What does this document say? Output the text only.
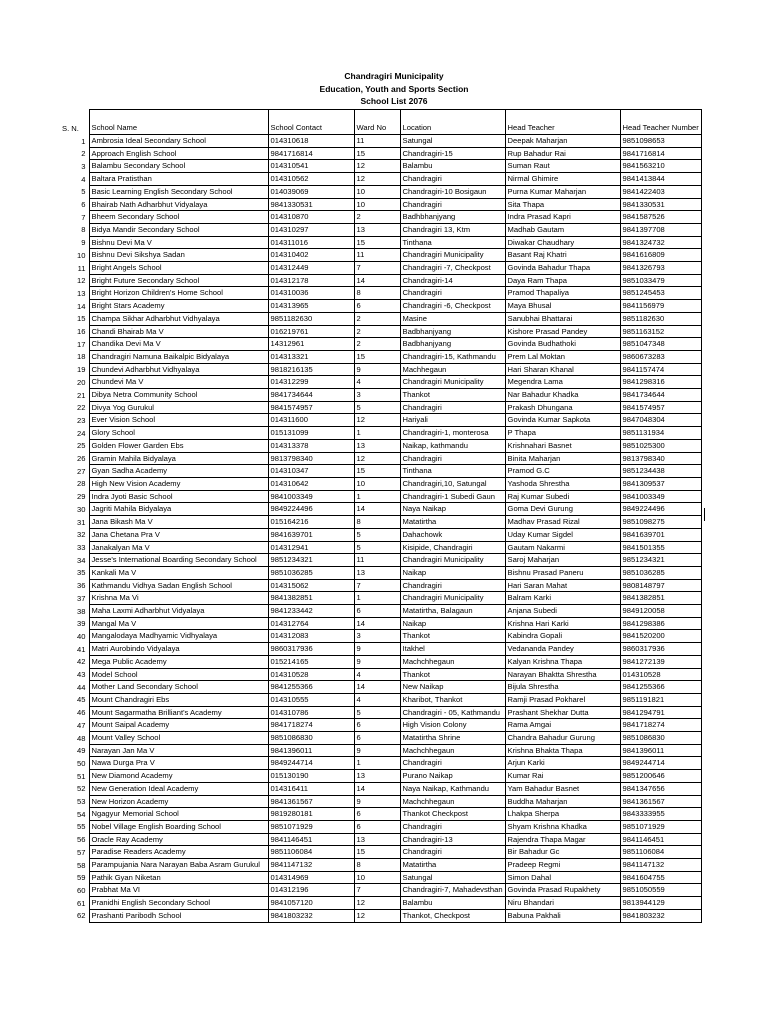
Chandragiri Municipality
Education, Youth and Sports Section
School List 2076
S. N.	School Name	School Contact	Ward No	Location	Head Teacher	Head Teacher Number
1	Ambrosia Ideal Secondary School	014310618	11	Satungal	Deepak Maharjan	9851098653
2	Approach English School	9841716814	15	Chandragiri-15	Rup Bahadur Rai	9841716814
3	Balambu Secondary School	014310541	12	Balambu	Suman Raut	9841563210
4	Baltara Pratisthan	014310562	12	Chandragiri	Nirmal Ghimire	9841413844
5	Basic Learning English Secondary School	014039069	10	Chandragiri-10 Bosigaun	Purna Kumar Maharjan	9841422403
6	Bhairab Nath Adharbhut Vidyalaya	9841330531	10	Chandragiri	Sita Thapa	9841330531
7	Bheem Secondary School	014310870	2	Badhbhanjyang	Indra Prasad Kapri	9841587526
8	Bidya Mandir Secondary School	014310297	13	Chandragiri 13, Ktm	Madhab Gautam	9841397708
9	Bishnu Devi Ma V	014311016	15	Tinthana	Diwakar Chaudhary	9841324732
10	Bishnu Devi Sikshya Sadan	014310402	11	Chandragiri Municipality	Basant Raj Khatri	9841616809
11	Bright Angels School	014312449	7	Chandragiri -7, Checkpost	Govinda Bahadur Thapa	9841326793
12	Bright Future Secondary School	014312178	14	Chandragiri-14	Daya Ram Thapa	9851033479
13	Bright Horizon Children's Home School	014310036	8	Chandragiri	Pramod Thapaliya	9851245453
14	Bright Stars Academy	014313965	6	Chandragiri -6, Checkpost	Maya Bhusal	9841156979
15	Champa Sikhar Adharbhut Vidhyalaya	9851182630	2	Masine	Sanubhai Bhattarai	9851182630
16	Chandi Bhairab Ma V	016219761	2	Badbhanjyang	Kishore Prasad Pandey	9851163152
17	Chandika Devi Ma V	14312961	2	Badbhanjyang	Govinda Budhathoki	9851047348
18	Chandragiri Namuna Baikalpic Bidyalaya	014313321	15	Chandragiri-15, Kathmandu	Prem Lal Moktan	9860673283
19	Chundevi Adharbhut Vidhyalaya	9818216135	9	Machhegaun	Hari Sharan Khanal	9841157474
20	Chundevi Ma V	014312299	4	Chandragiri Municipality	Megendra Lama	9841298316
21	Dibya Netra Community School	9841734644	3	Thankot	Nar Bahadur Khadka	9841734644
22	Divya Yog Gurukul	9841574957	5	Chandragiri	Prakash Dhungana	9841574957
23	Ever Vision School	014311600	12	Hariyali	Govinda Kumar Sapkota	9847048304
24	Glory School	015131099	1	Chandragiri-1, monterosa	P Thapa	9851131934
25	Golden Flower Garden Ebs	014313378	13	Naikap, kathmandu	Krishnahari Basnet	9851025300
26	Gramin Mahila Bidyalaya	9813798340	12	Chandragiri	Binita Maharjan	9813798340
27	Gyan Sadha Academy	014310347	15	Tinthana	Pramod G.C	9851234438
28	High New Vision Academy	014310642	10	Chandragiri,10, Satungal	Yashoda Shrestha	9841309537
29	Indra Jyoti Basic School	9841003349	1	Chandragiri-1 Subedi Gaun	Raj Kumar Subedi	9841003349
30	Jagriti Mahila Bidyalaya	9849224496	14	Naya Naikap	Goma Devi Gurung	9849224496
31	Jana Bikash Ma V	015164216	8	Matatirtha	Madhav Prasad Rizal	9851098275
32	Jana Chetana Pra V	9841639701	5	Dahachowk	Uday Kumar Sigdel	9841639701
33	Janakalyan Ma V	014312941	5	Kisipide, Chandragiri	Gautam Nakarmi	9841501355
34	Jesse's International Boarding Secondary School	9851234321	11	Chandragiri Municipality	Saroj Maharjan	9851234321
35	Kankali Ma V	9851036285	13	Naikap	Bishnu Prasad Paneru	9851036285
36	Kathmandu Vidhya Sadan English School	014315062	7	Chandragiri	Hari Saran Mahat	9808148797
37	Krishna Ma Vi	9841382851	1	Chandragiri Municipality	Balram Karki	9841382851
38	Maha Laxmi Adharbhut Vidyalaya	9841233442	6	Matatirtha, Balagaun	Anjana Subedi	9849120058
39	Mangal Ma V	014312764	14	Naikap	Krishna Hari Karki	9841298386
40	Mangalodaya Madhyamic Vidhyalaya	014312083	3	Thankot	Kabindra Gopali	9841520200
41	Matri Aurobindo Vidyalaya	9860317936	9	Itakhel	Vedananda Pandey	9860317936
42	Mega Public Academy	015214165	9	Machchhegaun	Kalyan Krishna Thapa	9841272139
43	Model School	014310528	4	Thankot	Narayan Bhaktta Shrestha	014310528
44	Mother Land Secondary School	9841255366	14	New Naikap	Bijula Shrestha	9841255366
45	Mount Chandragiri Ebs	014310555	4	Kharibot, Thankot	Ramji Prasad Pokharel	9851191821
46	Mount Sagarmatha Brilliant's Academy	014310786	5	Chandragiri - 05, Kathmandu	Prashant Shekhar Dutta	9841294791
47	Mount Saipal Academy	9841718274	6	High Vision Colony	Rama Amgai	9841718274
48	Mount Valley School	9851086830	6	Matatirtha Shrine	Chandra Bahadur Gurung	9851086830
49	Narayan Jan Ma V	9841396011	9	Machchhegaun	Krishna Bhakta Thapa	9841396011
50	Nawa Durga Pra V	9849244714	1	Chandragiri	Arjun Karki	9849244714
51	New Diamond Academy	015130190	13	Purano Naikap	Kumar Rai	9851200646
52	New Generation Ideal Academy	014316411	14	Naya Naikap, Kathmandu	Yam Bahadur Basnet	9841347656
53	New Horizon Academy	9841361567	9	Machchhegaun	Buddha Maharjan	9841361567
54	Ngagyur Memorial School	9819280181	6	Thankot Checkpost	Lhakpa Sherpa	9843333955
55	Nobel Village English Boarding School	9851071929	6	Chandragiri	Shyam Krishna Khadka	9851071929
56	Oracle Ray Academy	9841146451	13	Chandragiri-13	Rajendra Thapa Magar	9841146451
57	Paradise Readers Academy	9851106084	15	Chandragiri	Bir Bahadur Gc	9851106084
58	Parampujania Nara Narayan Baba Asram Gurukul	9841147132	8	Matatirtha	Pradeep Regmi	9841147132
59	Pathik Gyan Niketan	014314969	10	Satungal	Simon Dahal	9841604755
60	Prabhat Ma VI	014312196	7	Chandragiri-7, Mahadevsthan	Govinda Prasad Rupakhety	9851050559
61	Pranidhi English Secondary School	9841057120	12	Balambu	Niru Bhandari	9813944129
62	Prashanti Paribodh School	9841803232	12	Thankot, Checkpost	Babuna Pakhali	9841803232
